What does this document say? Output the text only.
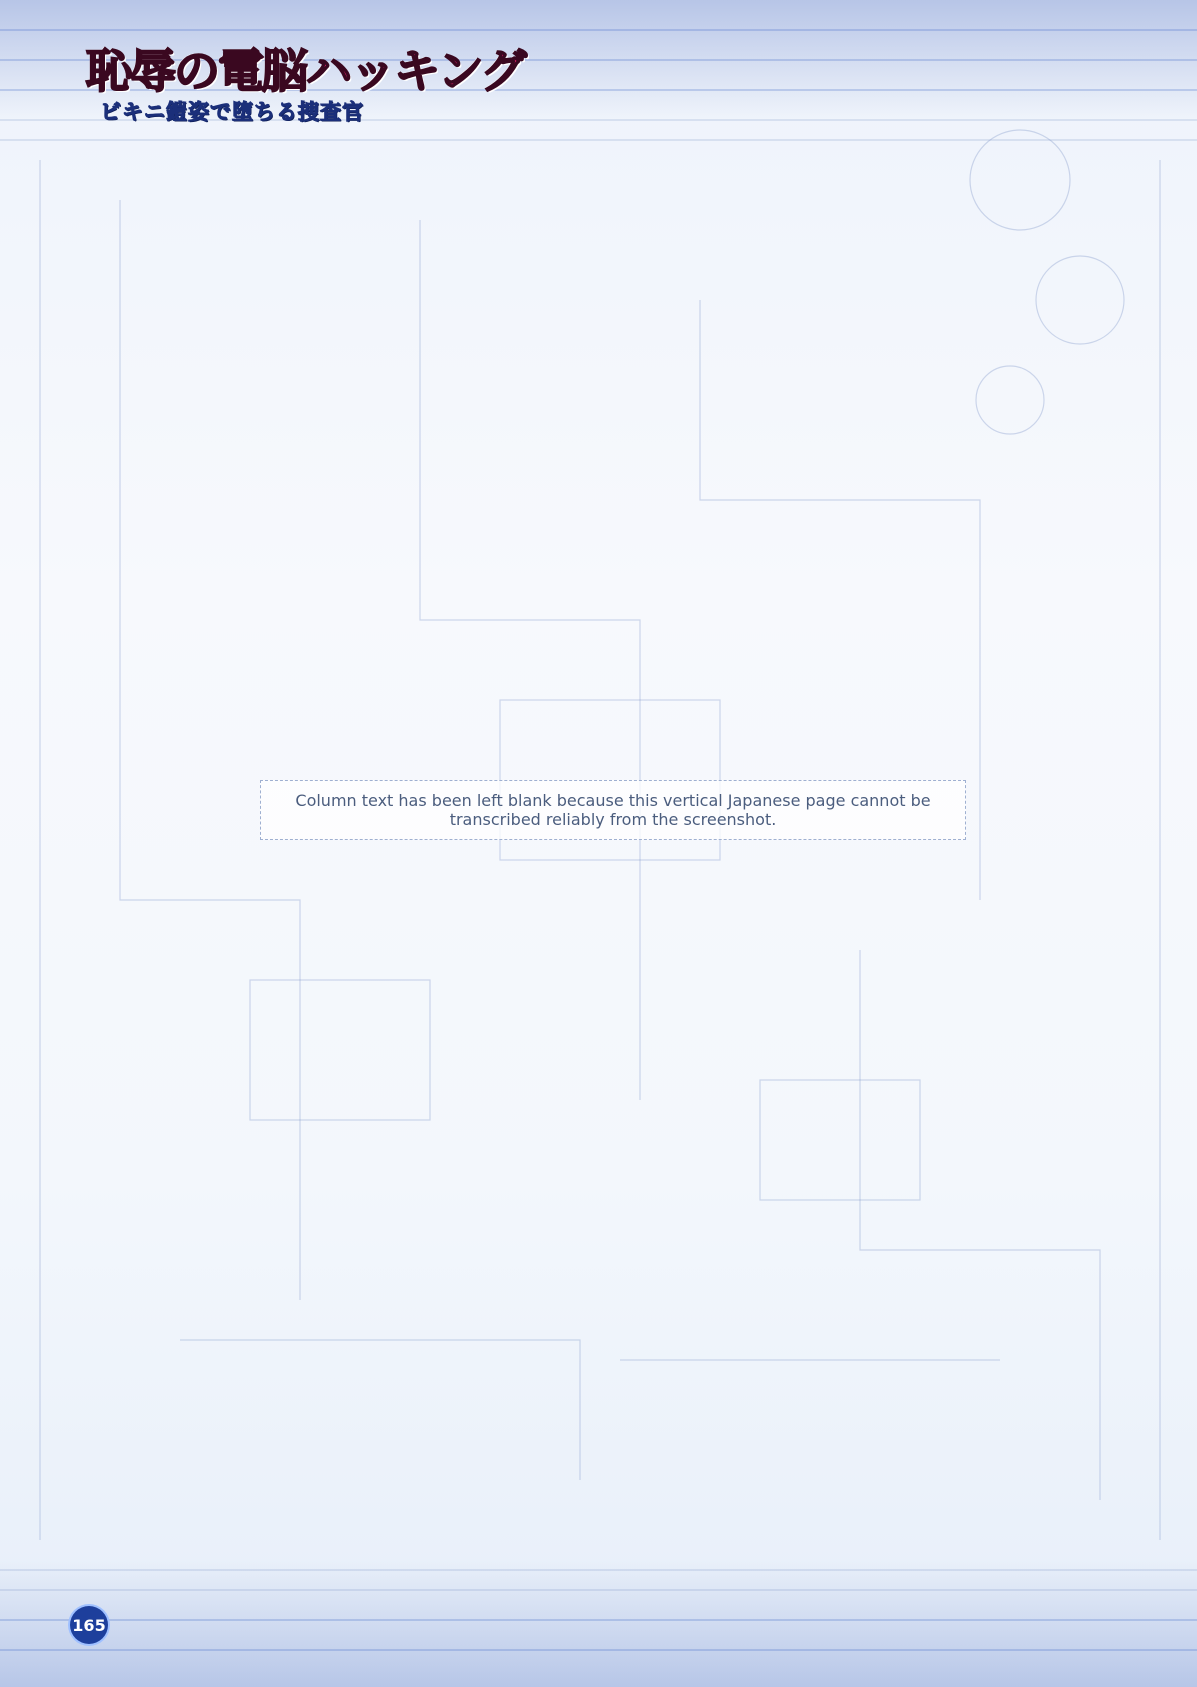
恥辱の電脳ハッキング
ビキニ鎧姿で堕ちる捜査官
Column text has been left blank because this vertical Japanese page cannot be transcribed reliably from the screenshot.
165
